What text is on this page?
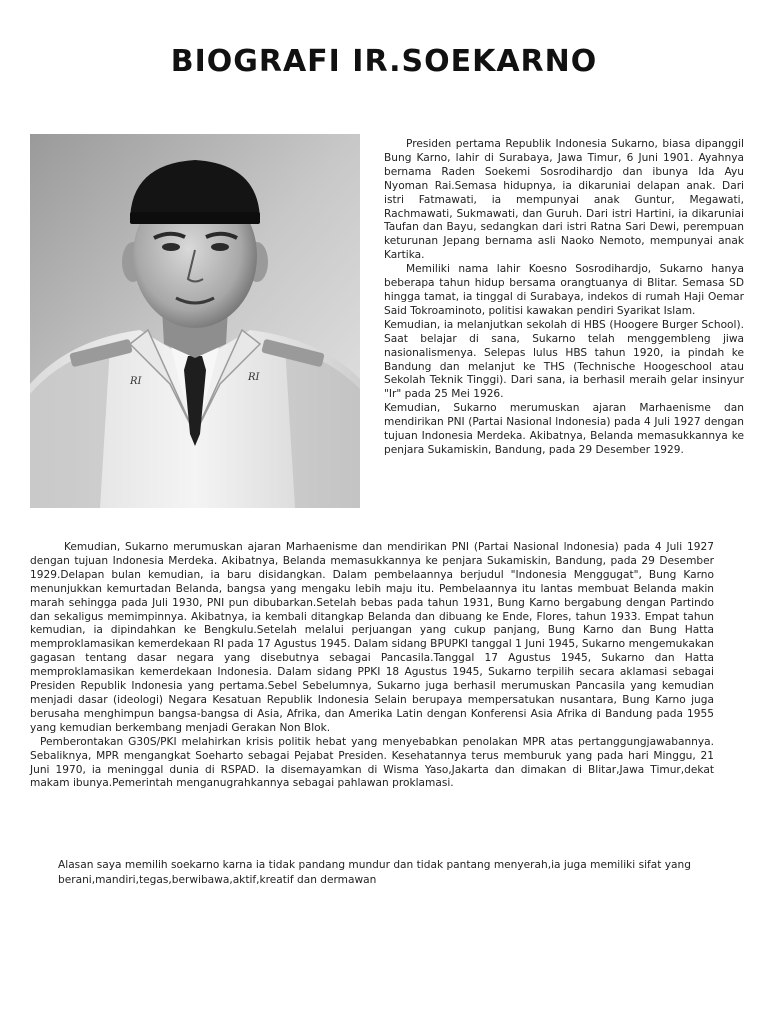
BIOGRAFI IR.SOEKARNO
RI	RI

Presiden pertama Republik Indonesia Sukarno, biasa dipanggil Bung Karno, lahir di Surabaya, Jawa Timur, 6 Juni 1901. Ayahnya bernama Raden Soekemi Sosrodihardjo dan ibunya Ida Ayu Nyoman Rai.Semasa hidupnya, ia dikaruniai delapan anak. Dari istri Fatmawati, ia mempunyai anak Guntur, Megawati, Rachmawati, Sukmawati, dan Guruh. Dari istri Hartini, ia dikaruniai Taufan dan Bayu, sedangkan dari istri Ratna Sari Dewi, perempuan keturunan Jepang bernama asli Naoko Nemoto, mempunyai anak Kartika.

Memiliki nama lahir Koesno Sosrodihardjo, Sukarno hanya beberapa tahun hidup bersama orangtuanya di Blitar. Semasa SD hingga tamat, ia tinggal di Surabaya, indekos di rumah Haji Oemar Said Tokroaminoto, politisi kawakan pendiri Syarikat Islam.

Kemudian, ia melanjutkan sekolah di HBS (Hoogere Burger School). Saat belajar di sana, Sukarno telah menggembleng jiwa nasionalismenya. Selepas lulus HBS tahun 1920, ia pindah ke Bandung dan melanjut ke THS (Technische Hoogeschool atau Sekolah Teknik Tinggi). Dari sana, ia berhasil meraih gelar insinyur "Ir" pada 25 Mei 1926.

Kemudian, Sukarno merumuskan ajaran Marhaenisme dan mendirikan PNI (Partai Nasional lndonesia) pada 4 Juli 1927 dengan tujuan Indonesia Merdeka. Akibatnya, Belanda memasukkannya ke penjara Sukamiskin, Bandung, pada 29 Desember 1929.

Kemudian, Sukarno merumuskan ajaran Marhaenisme dan mendirikan PNI (Partai Nasional lndonesia) pada 4 Juli 1927 dengan tujuan Indonesia Merdeka. Akibatnya, Belanda memasukkannya ke penjara Sukamiskin, Bandung, pada 29 Desember 1929.Delapan bulan kemudian, ia baru disidangkan. Dalam pembelaannya berjudul "Indonesia Menggugat", Bung Karno menunjukkan kemurtadan Belanda, bangsa yang mengaku lebih maju itu. Pembelaannya itu lantas membuat Belanda makin marah sehingga pada Juli 1930, PNI pun dibubarkan.Setelah bebas pada tahun 1931, Bung Karno bergabung dengan Partindo dan sekaligus memimpinnya. Akibatnya, ia kembali ditangkap Belanda dan dibuang ke Ende, Flores, tahun 1933. Empat tahun kemudian, ia dipindahkan ke Bengkulu.Setelah melalui perjuangan yang cukup panjang, Bung Karno dan Bung Hatta memproklamasikan kemerdekaan RI pada 17 Agustus 1945. Dalam sidang BPUPKI tanggal 1 Juni 1945, Sukarno mengemukakan gagasan tentang dasar negara yang disebutnya sebagai Pancasila.Tanggal 17 Agustus 1945, Sukarno dan Hatta memproklamasikan kemerdekaan Indonesia. Dalam sidang PPKI 18 Agustus 1945, Sukarno terpilih secara aklamasi sebagai Presiden Republik Indonesia yang pertama.Sebel Sebelumnya, Sukarno juga berhasil merumuskan Pancasila yang kemudian menjadi dasar (ideologi) Negara Kesatuan Republik Indonesia Selain berupaya mempersatukan nusantara, Bung Karno juga berusaha menghimpun bangsa-bangsa di Asia, Afrika, dan Amerika Latin dengan Konferensi Asia Afrika di Bandung pada 1955 yang kemudian berkembang menjadi Gerakan Non Blok.

Pemberontakan G30S/PKI melahirkan krisis politik hebat yang menyebabkan penolakan MPR atas pertanggungjawabannya. Sebaliknya, MPR mengangkat Soeharto sebagai Pejabat Presiden. Kesehatannya terus memburuk yang pada hari Minggu, 21 Juni 1970, ia meninggal dunia di RSPAD. Ia disemayamkan di Wisma Yaso,Jakarta dan dimakan di Blitar,Jawa Timur,dekat makam ibunya.Pemerintah menganugrahkannya sebagai pahlawan proklamasi.

Alasan saya memilih soekarno karna ia tidak pandang mundur dan tidak pantang menyerah,ia juga memiliki sifat yang berani,mandiri,tegas,berwibawa,aktif,kreatif dan dermawan
